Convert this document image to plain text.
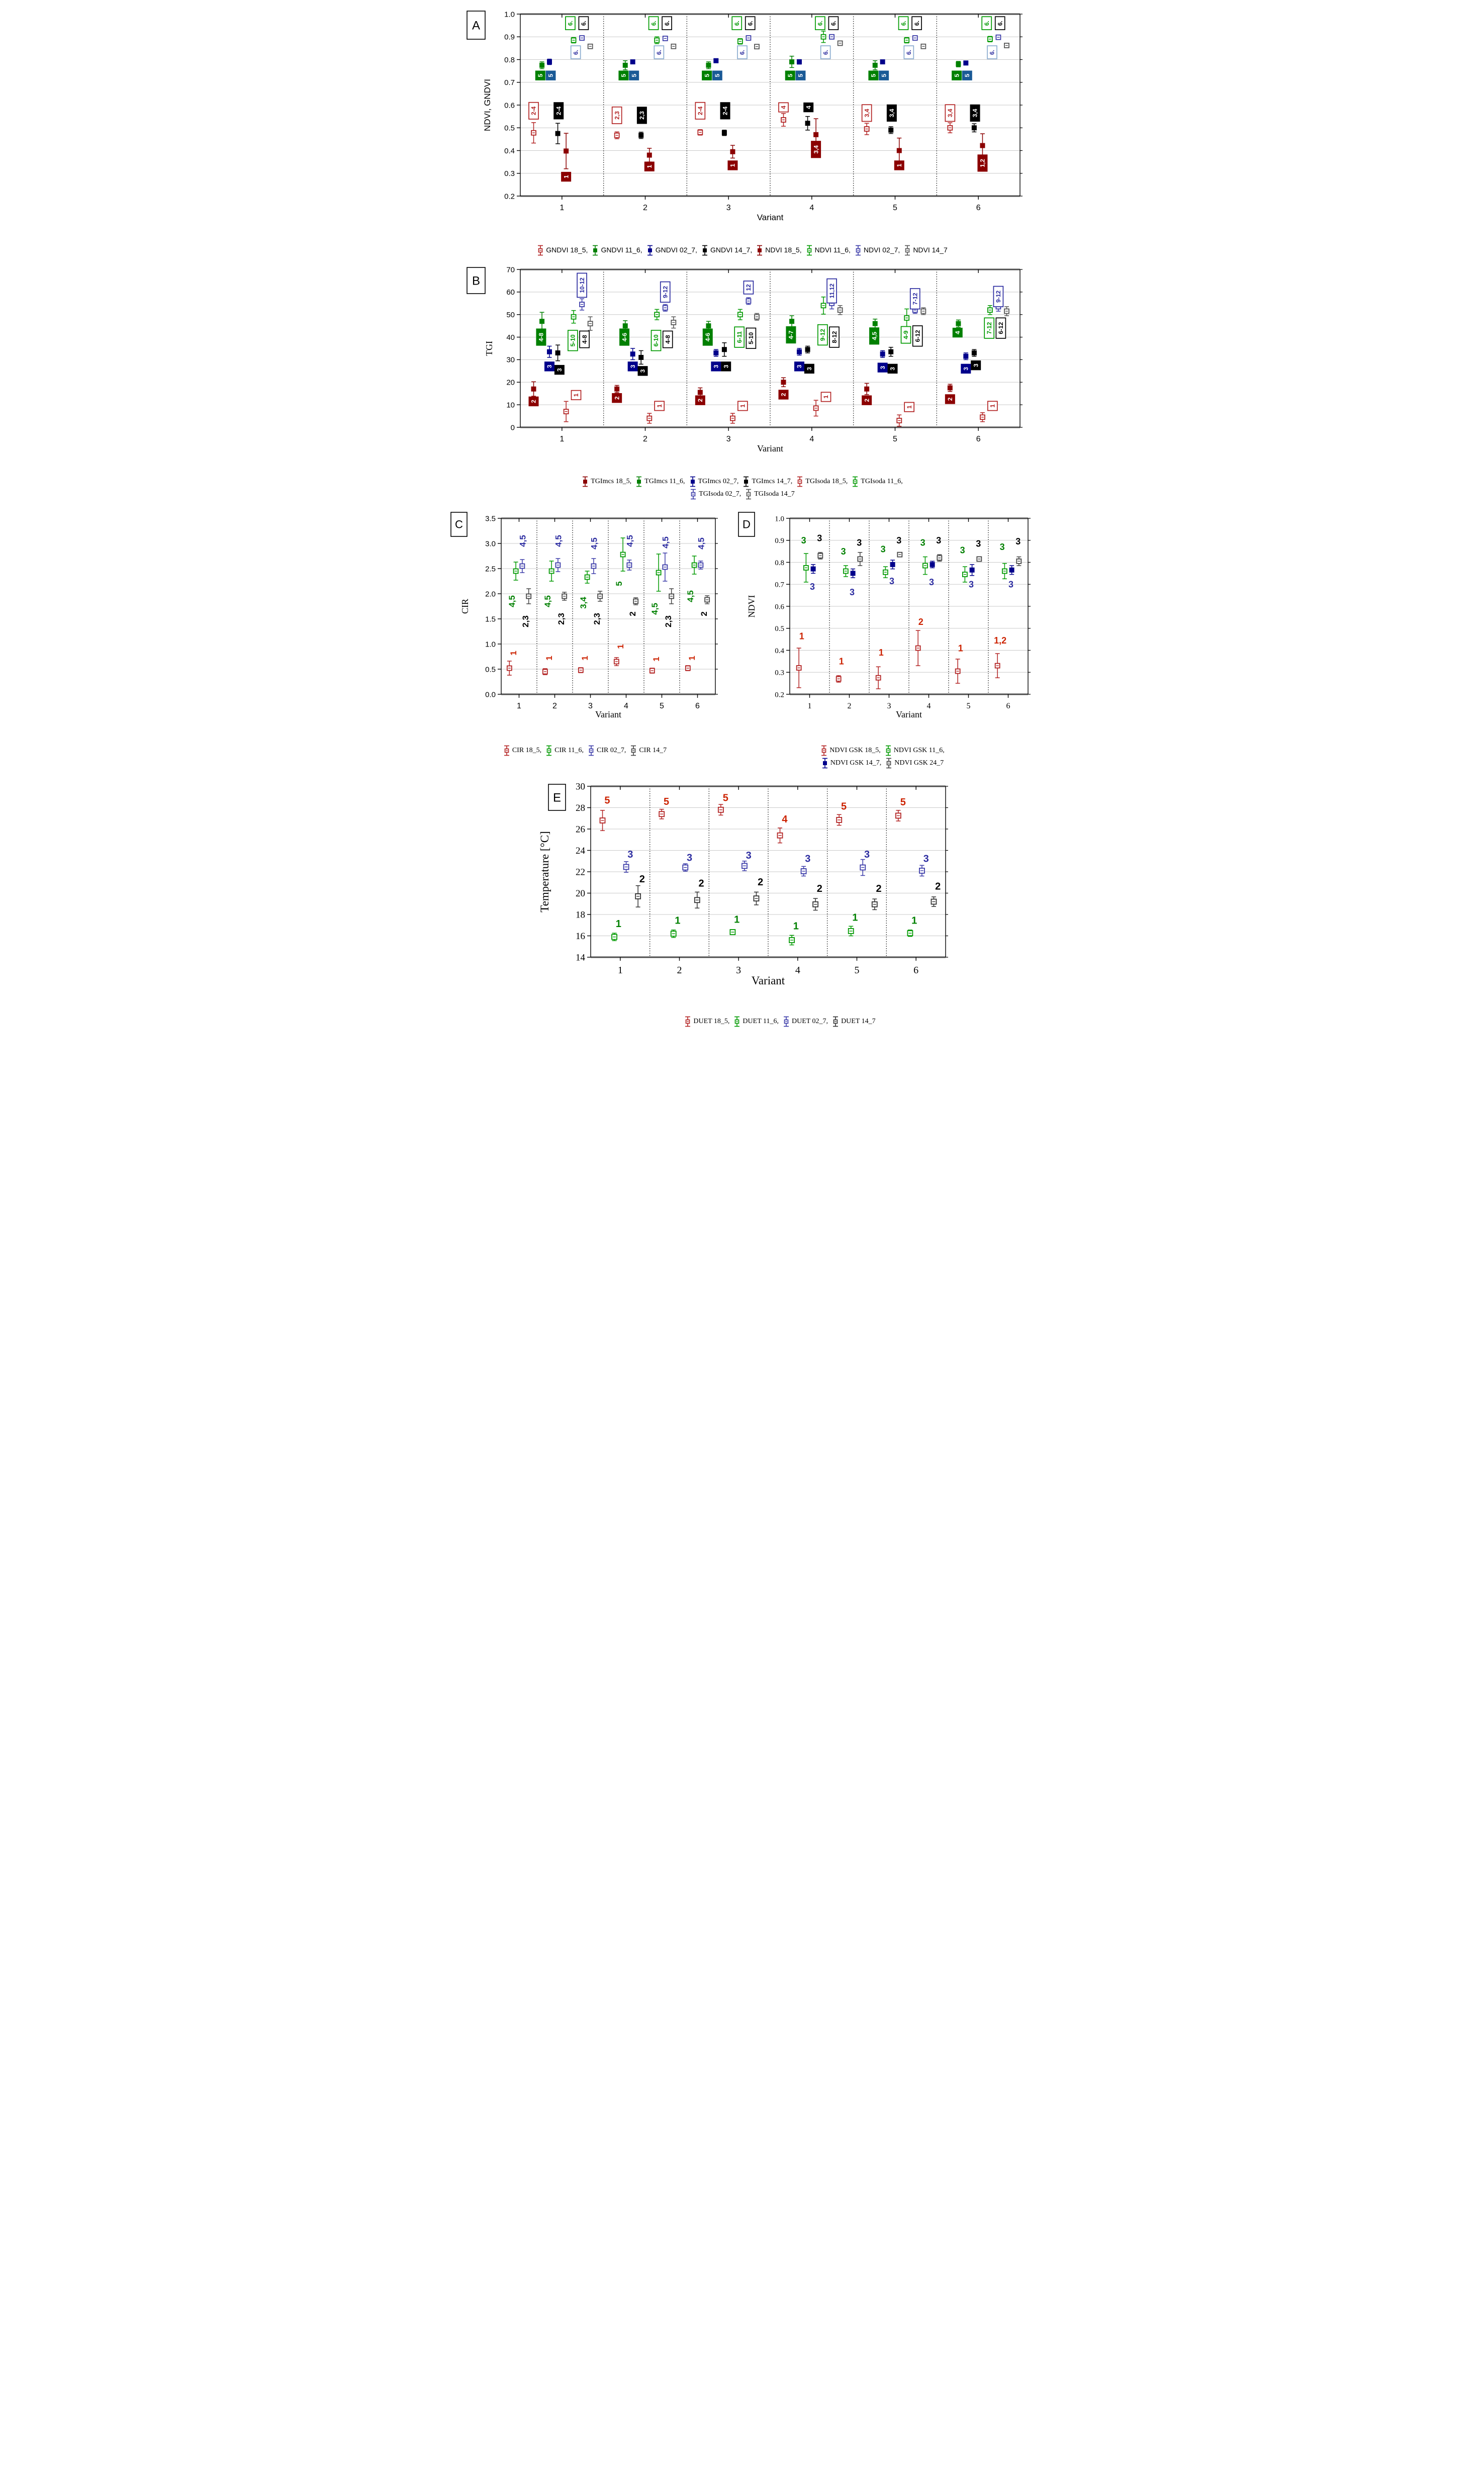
0.2
0.3
0.4
0.5
0.6
0.7
0.8
0.9
1.0
1	2	3	4	5	6
Variant
NDVI, GNDVI
A
2-4
2,3
2-4	4
3,4	3,4
5	5	5	5	5	5
5	5	5	5	5	5
2-4
2,3
2-4	4
3,4	3,4
1
1	1
3,4
1	1,2
6.	6.	6.	6.	6.	6.
6.	6.	6.	6.	6.	6.
6.	6.	6.	6.	6.	6.
GNDVI 18_5, GNDVI 11_6, GNDVI 02_7, GNDVI 14_7, NDVI 18_5, NDVI 11_6, NDVI 02_7, NDVI 14_7
0
10
20
30
40
50
60
70
1	2	3	4	5	6
Variant
TGI
B
2
2
2
2
2	2
4-8	4-6	4-6	4-7	4,5	4
3	3	3	3	3	3
3	3
3
3	3
3
1
1	1
1
1	1
5-10	6-10	6-11	9-12	4-9
7-12
10-12	9-12	12	11,12
7-12	9-12
4-8	4-8	5-10	8-12	6-12
6-12
TGImcs 18_5, TGImcs 11_6, TGImcs 02_7, TGImcs 14_7, TGIsoda 18_5, TGIsoda 11_6,
TGIsoda 02_7, TGIsoda 14_7
0.0
0.5
1.0
1.5
2.0
2.5
3.0
3.5
1	2	3	4	5	6
Variant
CIR
C
1
1	1
1
1	1
4,5	4,5	3,4
5
4,5
4,5
4,5	4,5	4,5	4,5	4,5	4,5
2,3	2,3	2,3	2
2,3
2
CIR 18_5, CIR 11_6, CIR 02_7, CIR 14_7
0.2
0.3
0.4
0.5
0.6
0.7
0.8
0.9
1.0
1	2	3	4	5	6
Variant
NDVI
D
1
1
1
2
1
1,2
3
3	3
3
3	3
3
3
3	3	3	3
3	3	3	3	3	3
NDVI GSK 18_5, NDVI GSK 11_6,
NDVI GSK 14_7, NDVI GSK 24_7
14
16
18
20
22
24
26
28
30
1	2	3	4	5	6
Variant
Temperature [°C]
E	5	5	5
4
5	5
1	1	1
1
1	1
3	3	3	3	3	3
2	2	2
2	2	2
DUET 18_5, DUET 11_6, DUET 02_7, DUET 14_7
